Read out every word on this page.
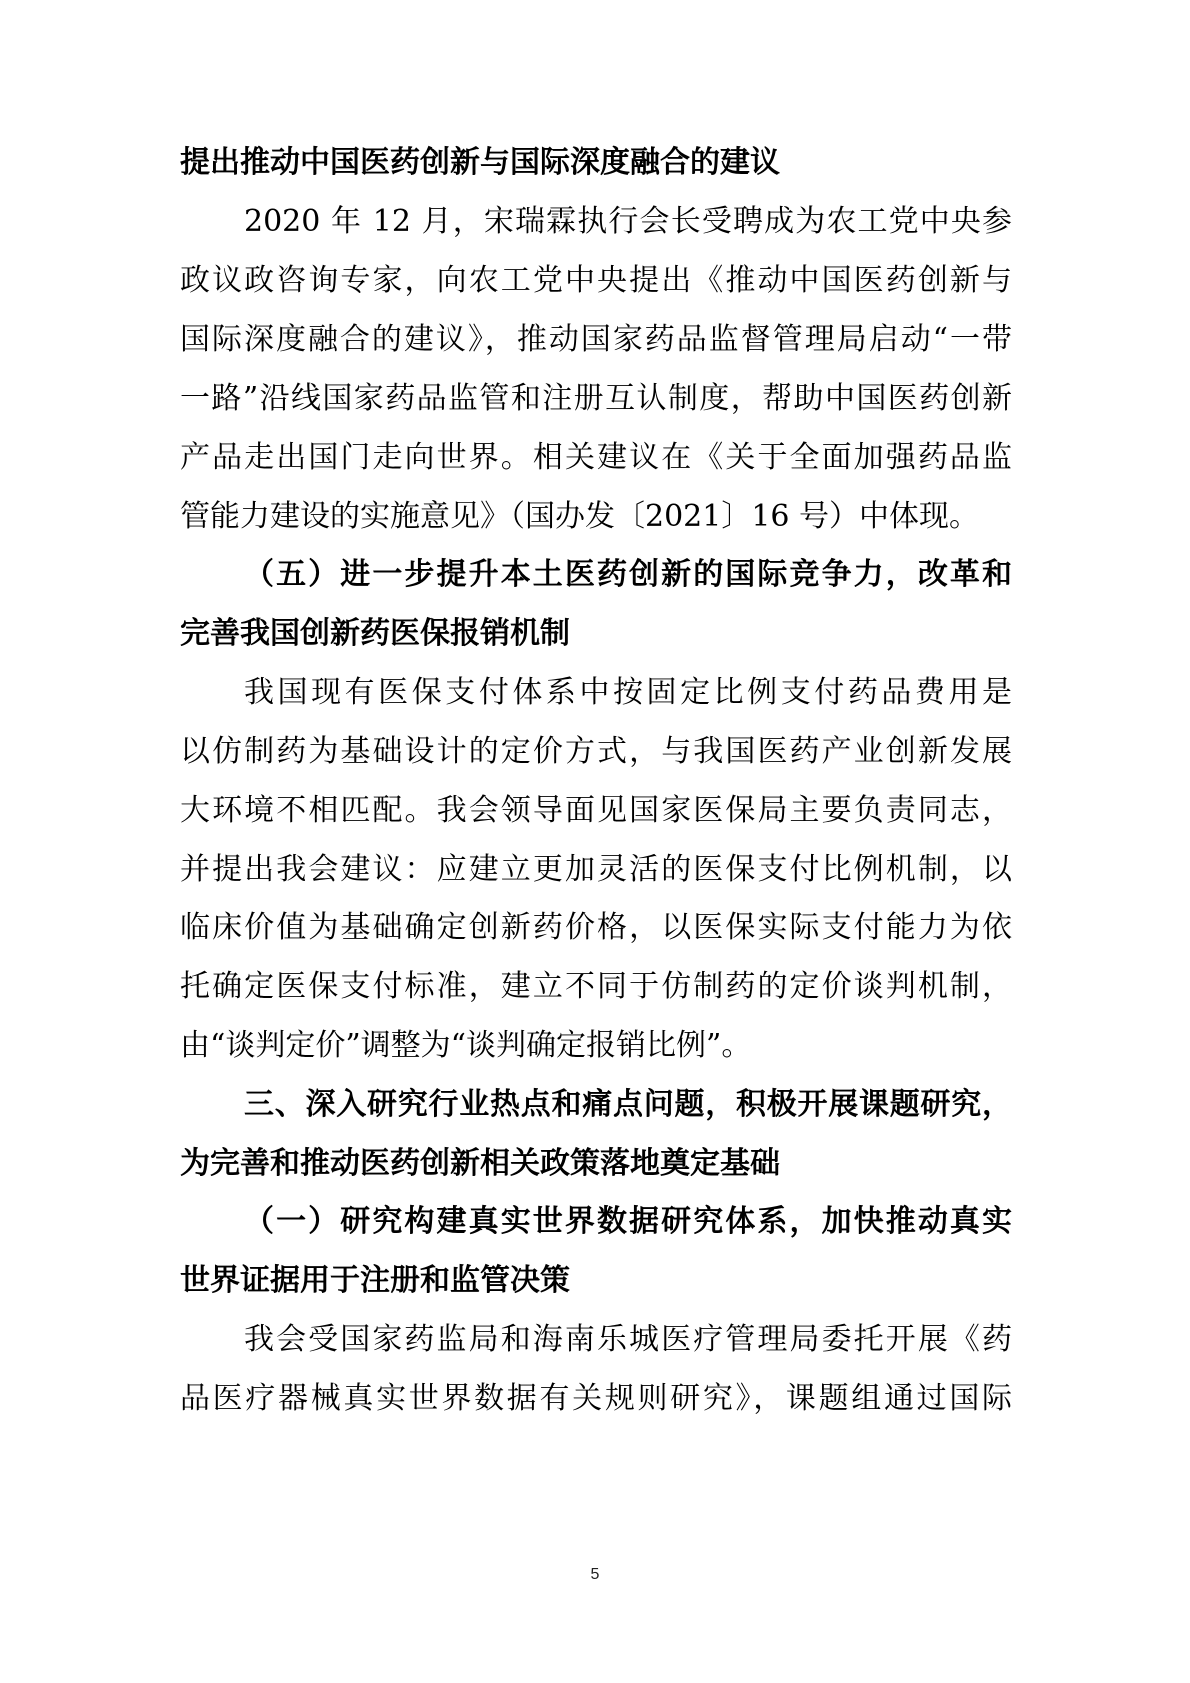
提出推动中国医药创新与国际深度融合的建议
2020 年 12 月，宋瑞霖执行会长受聘成为农工党中央参
政议政咨询专家，向农工党中央提出《推动中国医药创新与
国际深度融合的建议》，推动国家药品监督管理局启动“一带
一路”沿线国家药品监管和注册互认制度，帮助中国医药创新
产品走出国门走向世界。相关建议在《关于全面加强药品监
管能力建设的实施意见》（国办发〔2021〕16 号）中体现。
（五）进一步提升本土医药创新的国际竞争力，改革和
完善我国创新药医保报销机制
我国现有医保支付体系中按固定比例支付药品费用是
以仿制药为基础设计的定价方式，与我国医药产业创新发展
大环境不相匹配。我会领导面见国家医保局主要负责同志，
并提出我会建议：应建立更加灵活的医保支付比例机制，以
临床价值为基础确定创新药价格，以医保实际支付能力为依
托确定医保支付标准，建立不同于仿制药的定价谈判机制，
由“谈判定价”调整为“谈判确定报销比例”。
三、深入研究行业热点和痛点问题，积极开展课题研究，
为完善和推动医药创新相关政策落地奠定基础
（一）研究构建真实世界数据研究体系，加快推动真实
世界证据用于注册和监管决策
我会受国家药监局和海南乐城医疗管理局委托开展《药
品医疗器械真实世界数据有关规则研究》，课题组通过国际
5
